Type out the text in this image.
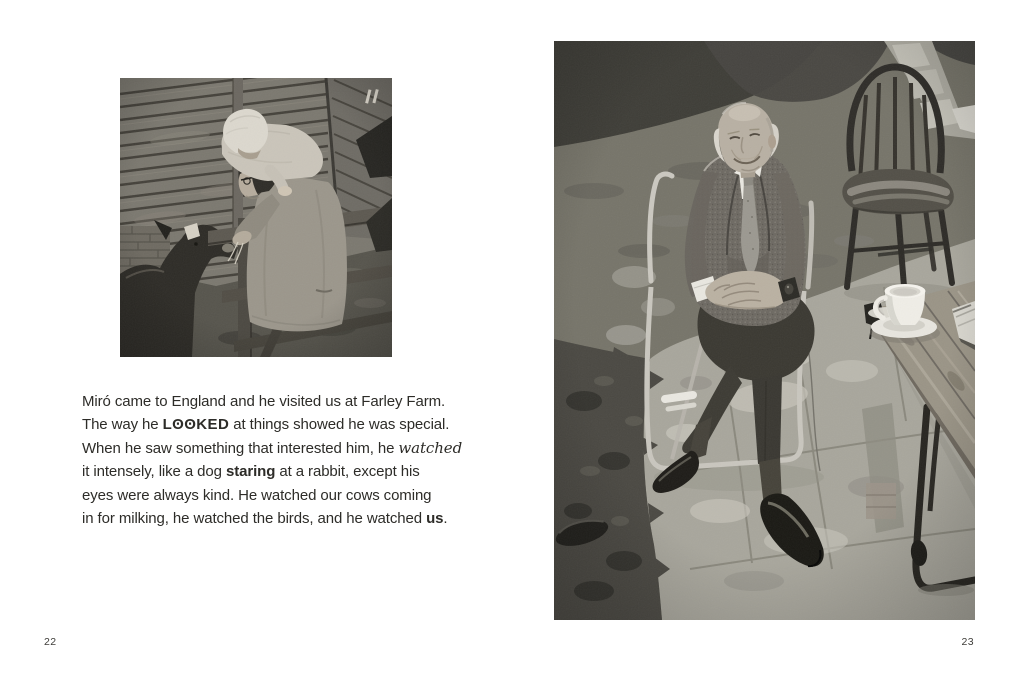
Miró came to England and he visited us at Farley Farm.

The way he LʘʘKED at things showed he was special.

When he saw something that interested him, he watched

it intensely, like a dog staring at a rabbit, except his

eyes were always kind. He watched our cows coming

in for milking, he watched the birds, and he watched us.

22	23
